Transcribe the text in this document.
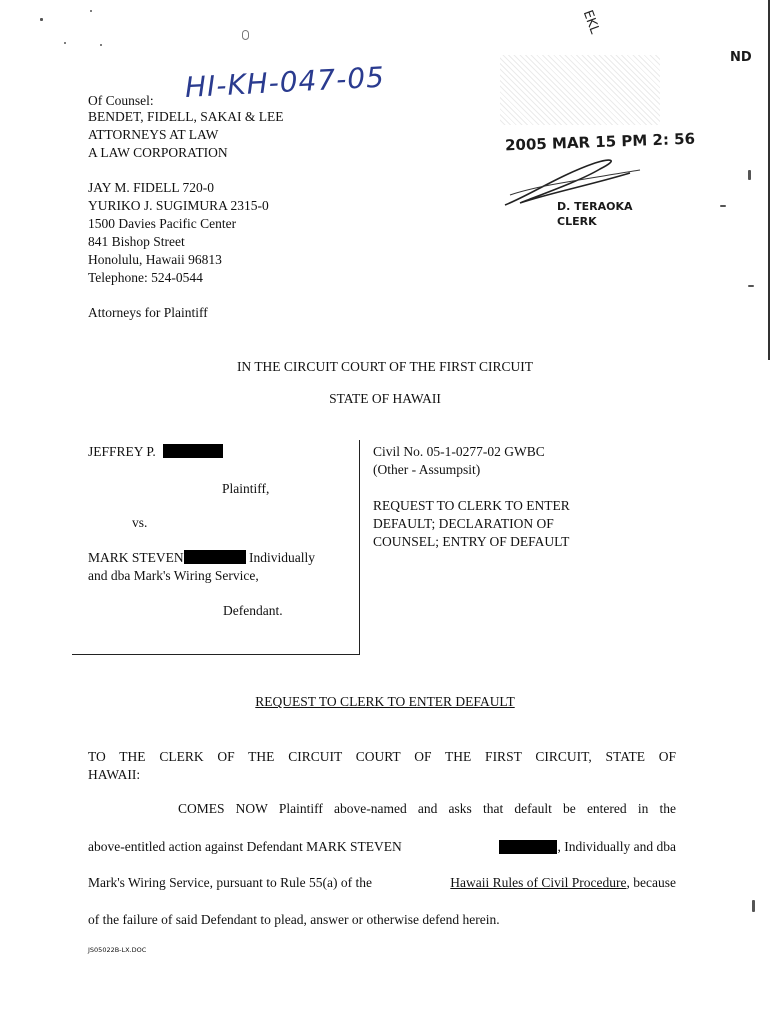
EKL
ND
2005 MAR 15 PM 2: 56
D. TERAOKA
CLERK
Of Counsel: HI-KH-047-05
BENDET, FIDELL, SAKAI & LEE
ATTORNEYS AT LAW
A LAW CORPORATION
JAY M. FIDELL 720-0
YURIKO J. SUGIMURA 2315-0
1500 Davies Pacific Center
841 Bishop Street
Honolulu, Hawaii 96813
Telephone: 524-0544
Attorneys for Plaintiff
IN THE CIRCUIT COURT OF THE FIRST CIRCUIT
STATE OF HAWAII
JEFFREY P.
Plaintiff,
vs.
MARK STEVEN	Individually
and dba Mark's Wiring Service,
Defendant.
Civil No. 05-1-0277-02 GWBC
(Other - Assumpsit)
REQUEST TO CLERK TO ENTER
DEFAULT; DECLARATION OF
COUNSEL; ENTRY OF DEFAULT
REQUEST TO CLERK TO ENTER DEFAULT
TO THE CLERK OF THE CIRCUIT COURT OF THE FIRST CIRCUIT, STATE OF
HAWAII:
COMES NOW Plaintiff above-named and asks that default be entered in the
above-entitled action against Defendant MARK STEVEN	, Individually and dba
Mark's Wiring Service, pursuant to Rule 55(a) of the	Hawaii Rules of Civil Procedure, because
of the failure of said Defendant to plead, answer or otherwise defend herein.
JS05022B-LX.DOC
